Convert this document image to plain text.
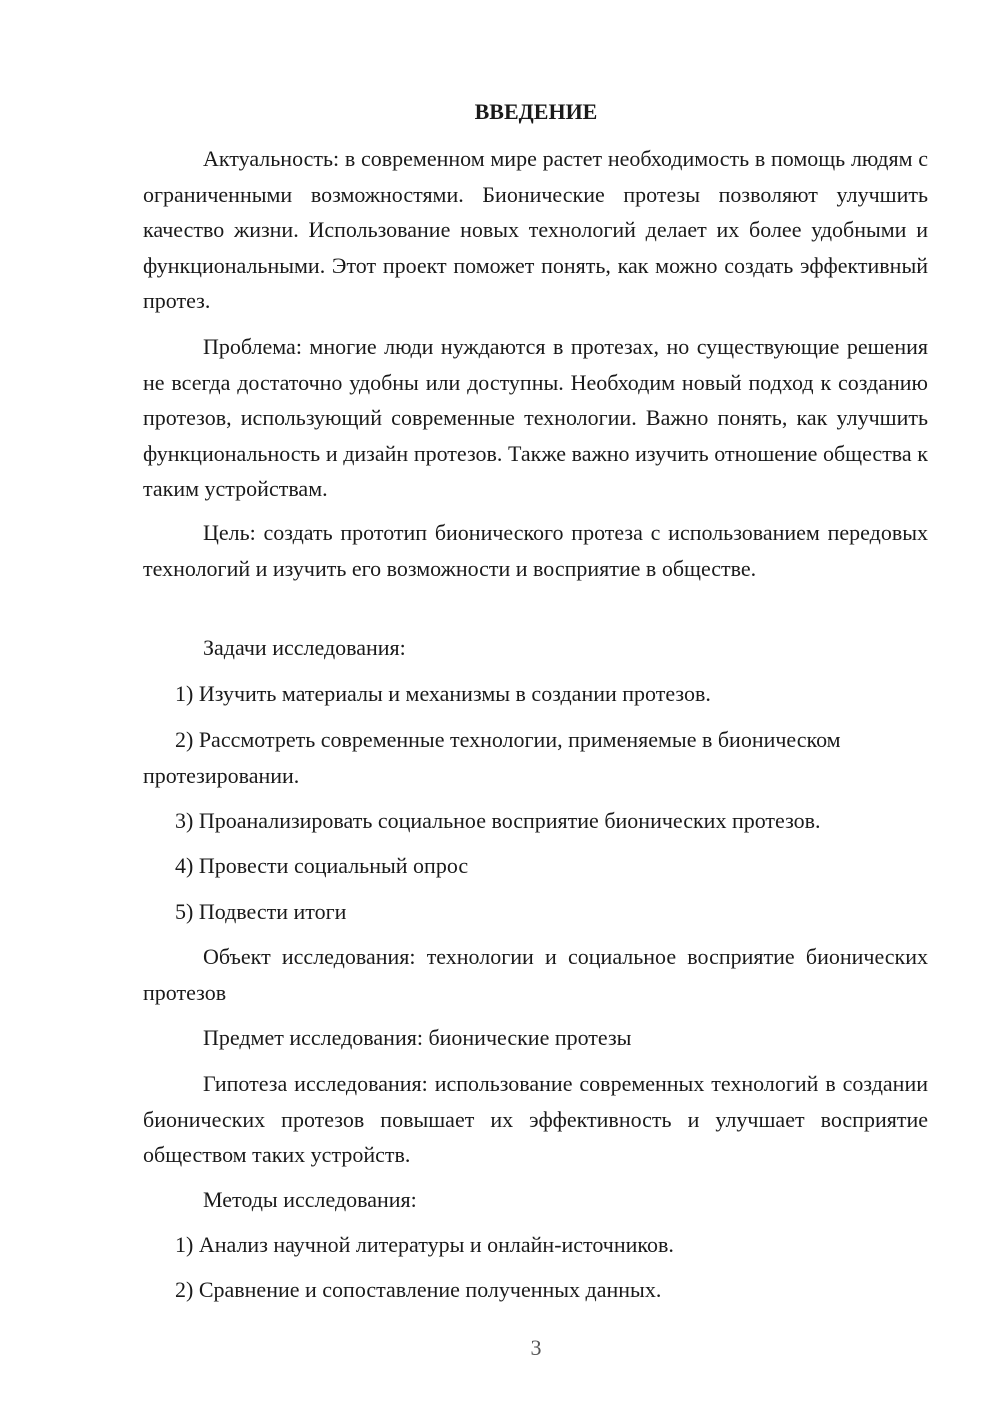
ВВЕДЕНИЕ

Актуальность: в современном мире растет необходимость в помощь людям с ограниченными возможностями. Бионические протезы позволяют улучшить качество жизни. Использование новых технологий делает их более удобными и функциональными. Этот проект поможет понять, как можно создать эффективный протез.

Проблема: многие люди нуждаются в протезах, но существующие решения не всегда достаточно удобны или доступны. Необходим новый подход к созданию протезов, использующий современные технологии. Важно понять, как улучшить функциональность и дизайн протезов. Также важно изучить отношение общества к таким устройствам.

Цель: создать прототип бионического протеза с использованием передовых технологий и изучить его возможности и восприятие в обществе.

Задачи исследования:

1) Изучить материалы и механизмы в создании протезов.

2) Рассмотреть современные технологии, применяемые в бионическом протезировании.

3) Проанализировать социальное восприятие бионических протезов.

4) Провести социальный опрос

5) Подвести итоги

Объект исследования: технологии и социальное восприятие бионических протезов

Предмет исследования: бионические протезы

Гипотеза исследования: использование современных технологий в создании бионических протезов повышает их эффективность и улучшает восприятие обществом таких устройств.

Методы исследования:

1) Анализ научной литературы и онлайн-источников.

2) Сравнение и сопоставление полученных данных.

3
